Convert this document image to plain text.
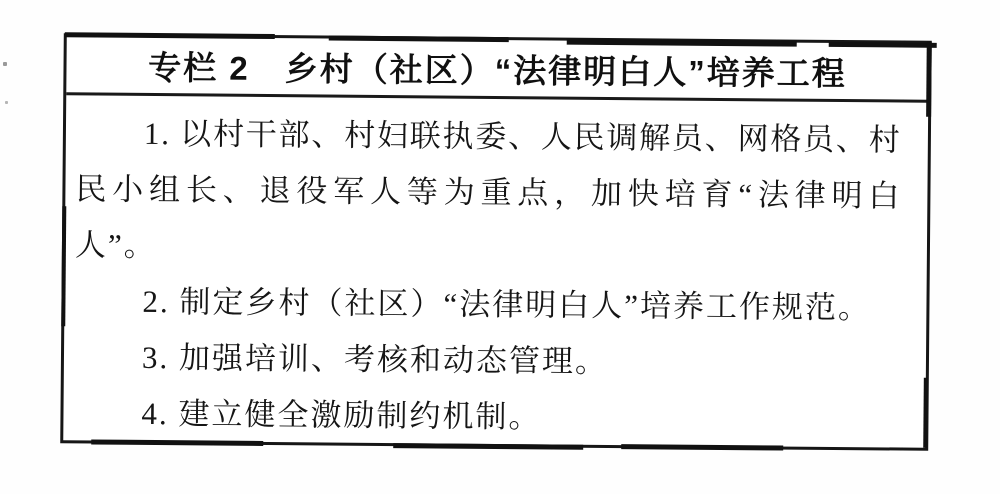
专栏 2　乡村（社区）“法律明白人”培养工程
1 .
以 村 干 部 、 村 妇 联 执 委 、 人 民 调 解 员 、 网 格 员 、 村
民 小 组 长 、 退 役 军 人 等 为 重 点 ， 加 快 培 育 “ 法 律 明 白
人”。
2. 制定乡村（社区）“法律明白人”培养工作规范。
3. 加强培训、考核和动态管理。
4. 建立健全激励制约机制。
